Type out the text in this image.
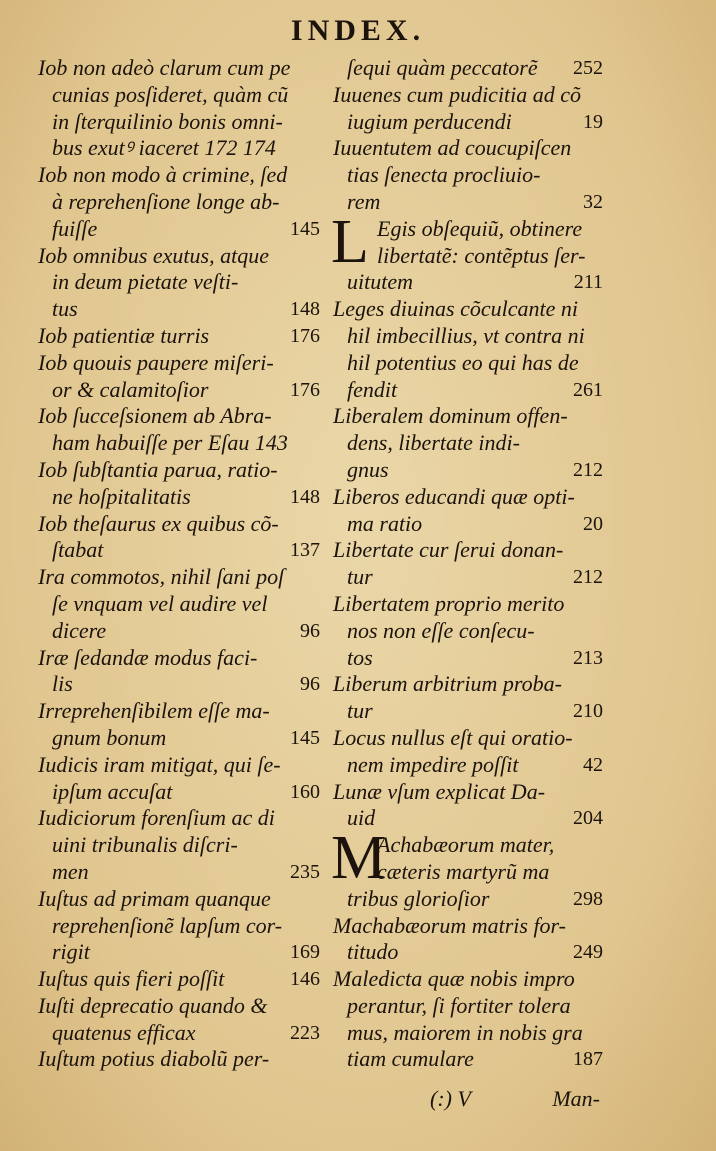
INDEX.
Iob non adeò clarum cum pe
cunias posſideret, quàm cũ
in ſterquilinio bonis omni-
bus exutꝰ iaceret 172 174
Iob non modo à crimine, ſed
à reprehenſione longe ab-
fuiſſe	145
Iob omnibus exutus, atque
in deum pietate veſti-
tus	148
Iob patientiæ turris	176
Iob quouis paupere miſeri-
or & calamitoſior	176
Iob ſucceſsionem ab Abra-
ham habuiſſe per Eſau 143
Iob ſubſtantia parua, ratio-
ne hoſpitalitatis	148
Iob theſaurus ex quibus cõ-
ſtabat	137
Ira commotos, nihil ſani poſ
ſe vnquam vel audire vel
dicere	96
Iræ ſedandæ modus faci-
lis	96
Irreprehenſibilem eſſe ma-
gnum bonum	145
Iudicis iram mitigat, qui ſe-
ipſum accuſat	160
Iudiciorum forenſium ac di
uini tribunalis diſcri-
men	235
Iuſtus ad primam quanque
reprehenſionẽ lapſum cor-
rigit	169
Iuſtus quis fieri poſſit	146
Iuſti deprecatio quando &
quatenus efficax	223
Iuſtum potius diabolũ per-
ſequi quàm peccatorẽ 252
Iuuenes cum pudicitia ad cõ
iugium perducendi	19
Iuuentutem ad coucupiſcen
tias ſenecta procliuio-
rem	32
L Egis obſequiũ, obtinere
libertatẽ: contẽptus ſer-
uitutem	211
Leges diuinas cõculcante ni
hil imbecillius, vt contra ni
hil potentius eo qui has de
fendit	261
Liberalem dominum offen-
dens, libertate indi-
gnus	212
Liberos educandi quæ opti-
ma ratio	20
Libertate cur ſerui donan-
tur	212
Libertatem proprio merito
nos non eſſe conſecu-
tos	213
Liberum arbitrium proba-
tur	210
Locus nullus eſt qui oratio-
nem impedire poſſit	42
Lunæ vſum explicat Da-
uid	204
M
Achabæorum mater,
cæteris martyrũ ma
tribus glorioſior	298
Machabæorum matris for-
titudo	249
Maledicta quæ nobis impro
perantur, ſi fortiter tolera
mus, maiorem in nobis gra
tiam cumulare	187
(:) V	Man-
